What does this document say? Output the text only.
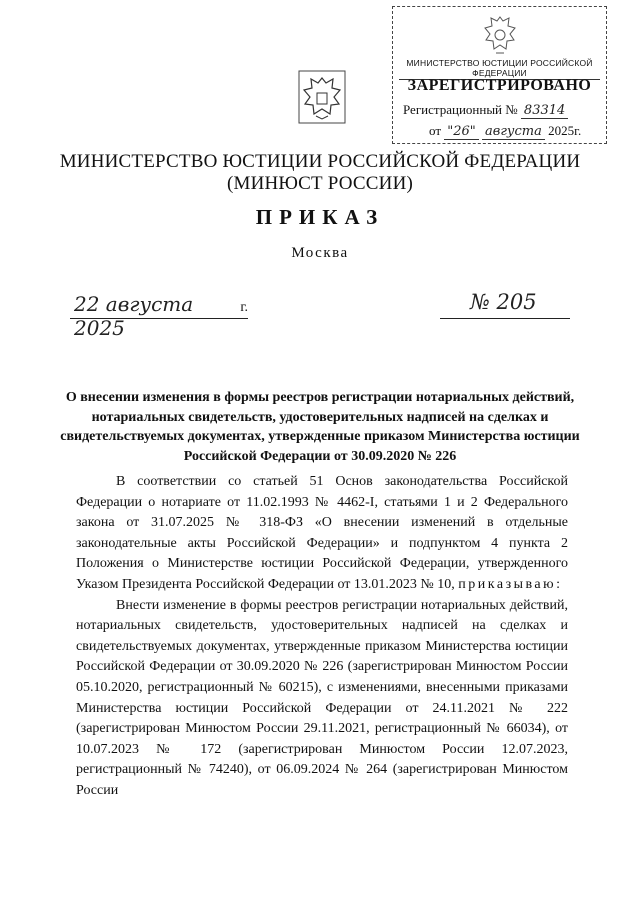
МИНИСТЕРСТВО ЮСТИЦИИ РОССИЙСКОЙ ФЕДЕРАЦИИ
ЗАРЕГИСТРИРОВАНО
Регистрационный № 83314
от "26" августа 2025г.
МИНИСТЕРСТВО ЮСТИЦИИ РОССИЙСКОЙ ФЕДЕРАЦИИ
(МИНЮСТ РОССИИ)
ПРИКАЗ
Москва
22 августа 2025
г.	№ 205
О внесении изменения в формы реестров регистрации нотариальных действий, нотариальных свидетельств, удостоверительных надписей на сделках и свидетельствуемых документах, утвержденные приказом Министерства юстиции Российской Федерации от 30.09.2020 № 226

В соответствии со статьей 51 Основ законодательства Российской Федерации о нотариате от 11.02.1993 № 4462-I, статьями 1 и 2 Федерального закона от 31.07.2025 № 318-ФЗ «О внесении изменений в отдельные законодательные акты Российской Федерации» и подпунктом 4 пункта 2 Положения о Министерстве юстиции Российской Федерации, утвержденного Указом Президента Российской Федерации от 13.01.2023 № 10, приказываю:

Внести изменение в формы реестров регистрации нотариальных действий, нотариальных свидетельств, удостоверительных надписей на сделках и свидетельствуемых документах, утвержденные приказом Министерства юстиции Российской Федерации от 30.09.2020 № 226 (зарегистрирован Минюстом России 05.10.2020, регистрационный № 60215), с изменениями, внесенными приказами Министерства юстиции Российской Федерации от 24.11.2021 № 222 (зарегистрирован Минюстом России 29.11.2021, регистрационный № 66034), от 10.07.2023 № 172 (зарегистрирован Минюстом России 12.07.2023, регистрационный № 74240), от 06.09.2024 № 264 (зарегистрирован Минюстом России
